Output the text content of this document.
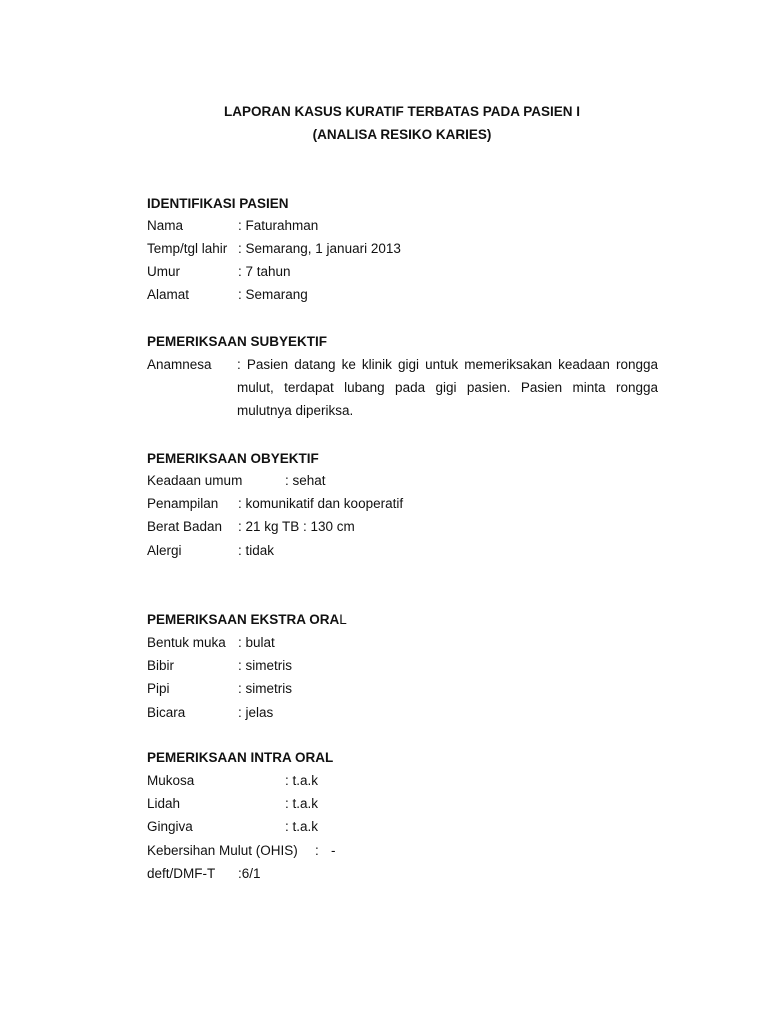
LAPORAN KASUS KURATIF TERBATAS PADA PASIEN I
(ANALISA RESIKO KARIES)
IDENTIFIKASI PASIEN
Nama	: Faturahman
Temp/tgl lahir : Semarang, 1 januari 2013
Umur	: 7 tahun
Alamat	: Semarang
PEMERIKSAAN SUBYEKTIF
Anamnesa : Pasien datang ke klinik gigi untuk memeriksakan keadaan rongga
mulut, terdapat lubang pada gigi pasien. Pasien minta rongga
mulutnya diperiksa.
PEMERIKSAAN OBYEKTIF
Keadaan umum	: sehat
Penampilan : komunikatif dan kooperatif
Berat Badan : 21 kg TB : 130 cm
Alergi	: tidak
PEMERIKSAAN EKSTRA ORAL
Bentuk muka : bulat
Bibir	: simetris
Pipi	: simetris
Bicara	: jelas
PEMERIKSAAN INTRA ORAL
Mukosa	: t.a.k
Lidah	: t.a.k
Gingiva	: t.a.k
Kebersihan Mulut (OHIS) : -
deft/DMF-T :6/1
